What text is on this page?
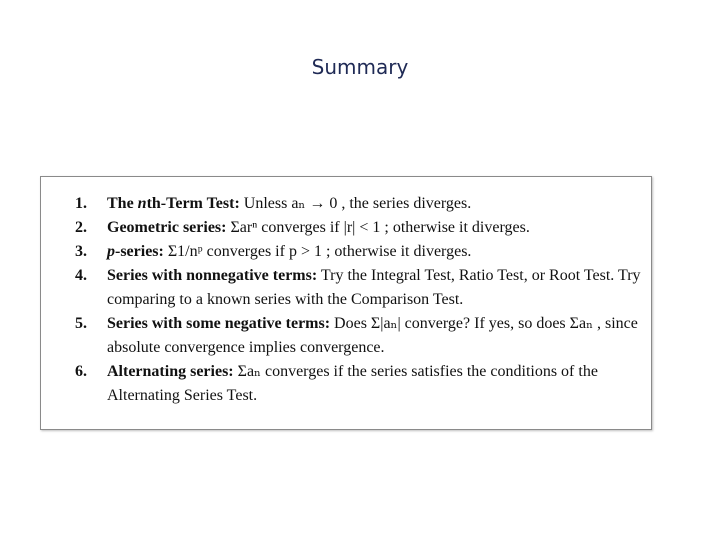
Summary
1. The nth-Term Test: Unless aₙ → 0 , the series diverges.
2. Geometric series: Σarⁿ converges if |r| < 1 ; otherwise it diverges.
3. p-series: Σ1/nᵖ converges if p > 1 ; otherwise it diverges.
4. Series with nonnegative terms: Try the Integral Test, Ratio Test, or Root Test. Try comparing to a known series with the Comparison Test.
5. Series with some negative terms: Does Σ|aₙ| converge? If yes, so does Σaₙ , since absolute convergence implies convergence.
6. Alternating series: Σaₙ converges if the series satisfies the conditions of the Alternating Series Test.
